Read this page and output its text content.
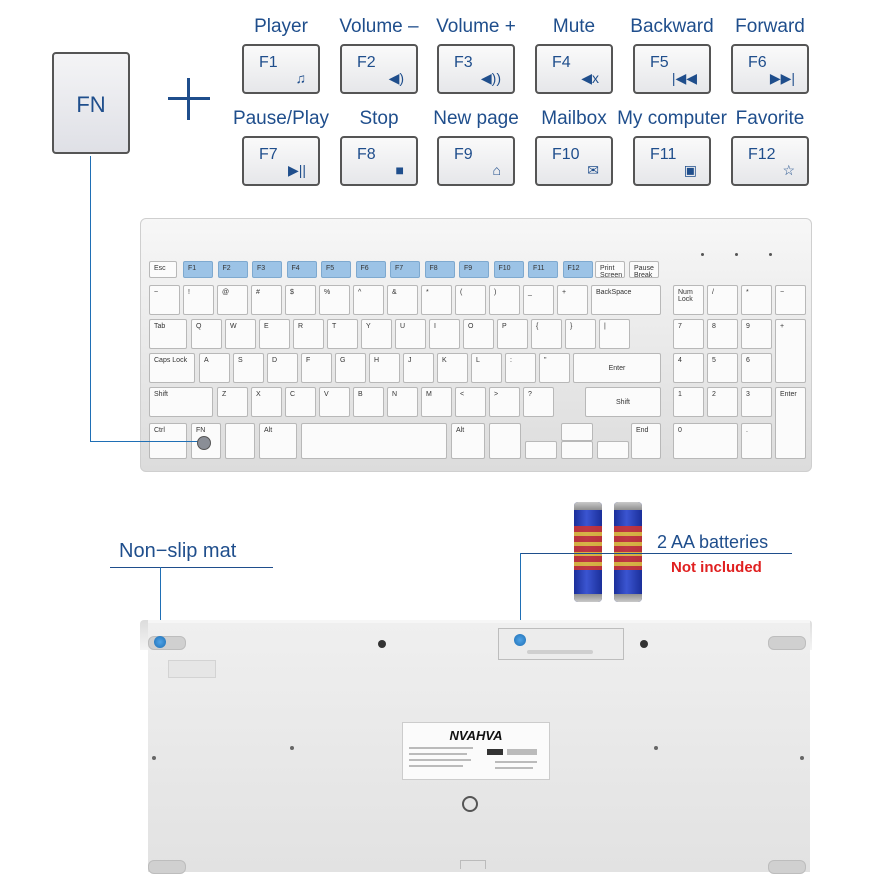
FN
Player
F1
♫
Volume –
F2
◀)
Volume +
F3
◀))
Mute
F4
◀x
Backward
F5
|◀◀
Forward
F6
▶▶|
Pause/Play
F7
▶||
Stop
F8
■
New page
F9
⌂
Mailbox
F10
✉
My computer
F11
▣
Favorite
F12
☆
Esc	F1	F2	F3	F4	F5	F6	F7	F8	F9	F10	F11	F12	Print Screen
Pause Break
~	!	@	#	$	%	^	&	*	(	)	_	+	BackSpace
Tab	Q	W	E	R	T	Y	U	I	O	P	{	}	|
Caps Lock A	S	D	F	G	H	J	K	L	:	"
Enter
Shift	Z	X	C	V	B	N	M	<	>	?
Shift
Ctrl	FN	Alt	Alt	End
Num Lock
/	*	−
7	8	9	+
4	5	6
1	2	3	Enter
0	.
Non−slip mat	2 AA batteries
Not included
NVAHVA
